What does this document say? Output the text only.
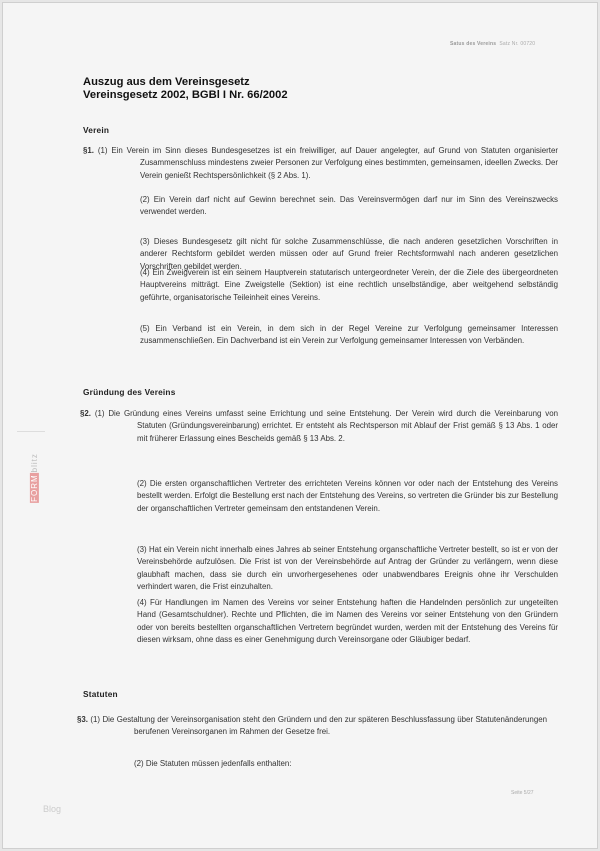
Satus des Vereins Satz Nr. 00720
Auszug aus dem Vereinsgesetz
Vereinsgesetz 2002, BGBl I Nr. 66/2002
Verein
§1. (1) Ein Verein im Sinn dieses Bundesgesetzes ist ein freiwilliger, auf Dauer angelegter, auf Grund von Statuten organisierter Zusammenschluss mindestens zweier Personen zur Verfolgung eines bestimmten, gemeinsamen, ideellen Zwecks. Der Verein genießt Rechtspersönlichkeit (§ 2 Abs. 1).
(2) Ein Verein darf nicht auf Gewinn berechnet sein. Das Vereinsvermögen darf nur im Sinn des Vereinszwecks verwendet werden.
(3) Dieses Bundesgesetz gilt nicht für solche Zusammenschlüsse, die nach anderen gesetzlichen Vorschriften in anderer Rechtsform gebildet werden müssen oder auf Grund freier Rechtsformwahl nach anderen gesetzlichen Vorschriften gebildet werden.
(4) Ein Zweigverein ist ein seinem Hauptverein statutarisch untergeordneter Verein, der die Ziele des übergeordneten Hauptvereins mitträgt. Eine Zweigstelle (Sektion) ist eine rechtlich unselbständige, aber weitgehend selbständig geführte, organisatorische Teileinheit eines Vereins.
(5) Ein Verband ist ein Verein, in dem sich in der Regel Vereine zur Verfolgung gemeinsamer Interessen zusammenschließen. Ein Dachverband ist ein Verein zur Verfolgung gemeinsamer Interessen von Verbänden.
Gründung des Vereins
§2. (1) Die Gründung eines Vereins umfasst seine Errichtung und seine Entstehung. Der Verein wird durch die Vereinbarung von Statuten (Gründungsvereinbarung) errichtet. Er entsteht als Rechtsperson mit Ablauf der Frist gemäß § 13 Abs. 1 oder mit früherer Erlassung eines Bescheids gemäß § 13 Abs. 2.
(2) Die ersten organschaftlichen Vertreter des errichteten Vereins können vor oder nach der Entstehung des Vereins bestellt werden. Erfolgt die Bestellung erst nach der Entstehung des Vereins, so vertreten die Gründer bis zur Bestellung der organschaftlichen Vertreter gemeinsam den entstandenen Verein.
(3) Hat ein Verein nicht innerhalb eines Jahres ab seiner Entstehung organschaftliche Vertreter bestellt, so ist er von der Vereinsbehörde aufzulösen. Die Frist ist von der Vereinsbehörde auf Antrag der Gründer zu verlängern, wenn diese glaubhaft machen, dass sie durch ein unvorhergesehenes oder unabwendbares Ereignis ohne ihr Verschulden verhindert waren, die Frist einzuhalten.
(4) Für Handlungen im Namen des Vereins vor seiner Entstehung haften die Handelnden persönlich zur ungeteilten Hand (Gesamtschuldner). Rechte und Pflichten, die im Namen des Vereins vor seiner Entstehung von den Gründern oder von bereits bestellten organschaftlichen Vertretern begründet wurden, werden mit der Entstehung des Vereins für diesen wirksam, ohne dass es einer Genehmigung durch Vereinsorgane oder Gläubiger bedarf.
Statuten
§3. (1) Die Gestaltung der Vereinsorganisation steht den Gründern und den zur späteren Beschlussfassung über Statutenänderungen berufenen Vereinsorganen im Rahmen der Gesetze frei.
(2) Die Statuten müssen jedenfalls enthalten:
Seite 5/27
Blog
FORMblitz
